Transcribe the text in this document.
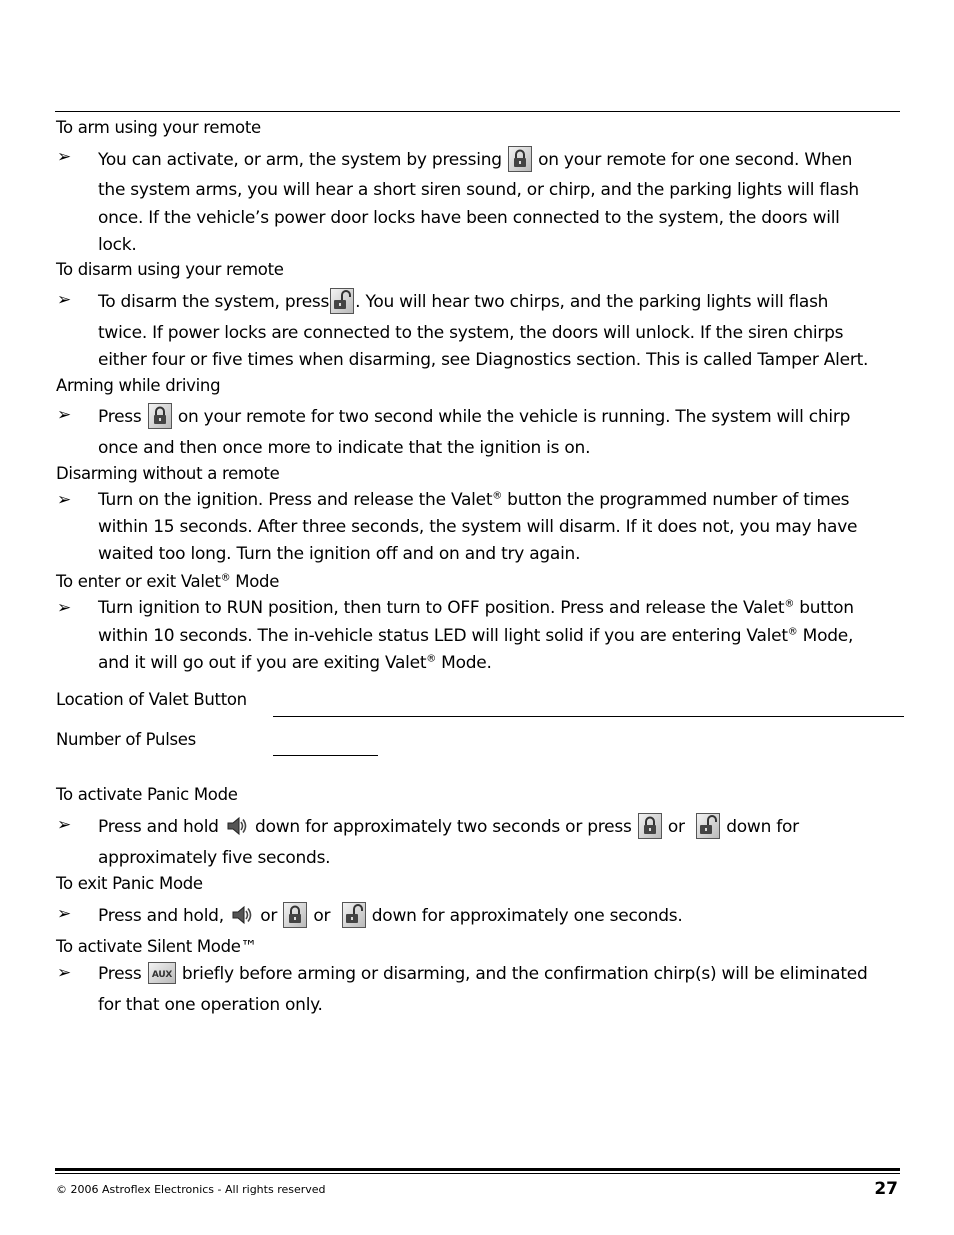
To arm using your remote
➢ You can activate, or arm, the system by pressing on your remote for one second. When
the system arms, you will hear a short siren sound, or chirp, and the parking lights will flash
once. If the vehicle’s power door locks have been connected to the system, the doors will
lock.
To disarm using your remote
➢ To disarm the system, press . You will hear two chirps, and the parking lights will flash
twice. If power locks are connected to the system, the doors will unlock. If the siren chirps
either four or five times when disarming, see Diagnostics section. This is called Tamper Alert.
Arming while driving
➢ Press on your remote for two second while the vehicle is running. The system will chirp
once and then once more to indicate that the ignition is on.
Disarming without a remote
➢ Turn on the ignition. Press and release the Valet® button the programmed number of times
within 15 seconds. After three seconds, the system will disarm. If it does not, you may have
waited too long. Turn the ignition off and on and try again.
To enter or exit Valet® Mode
➢ Turn ignition to RUN position, then turn to OFF position. Press and release the Valet® button
within 10 seconds. The in-vehicle status LED will light solid if you are entering Valet® Mode,
and it will go out if you are exiting Valet® Mode.
Location of Valet Button
Number of Pulses
To activate Panic Mode
➢ Press and hold down for approximately two seconds or press or down for
approximately five seconds.
To exit Panic Mode
➢ Press and hold, or or down for approximately one seconds.
To activate Silent Mode™
➢ Press briefly before arming or disarming, and the confirmation chirp(s) will be eliminated
for that one operation only.
© 2006 Astroflex Electronics - All rights reserved	27
